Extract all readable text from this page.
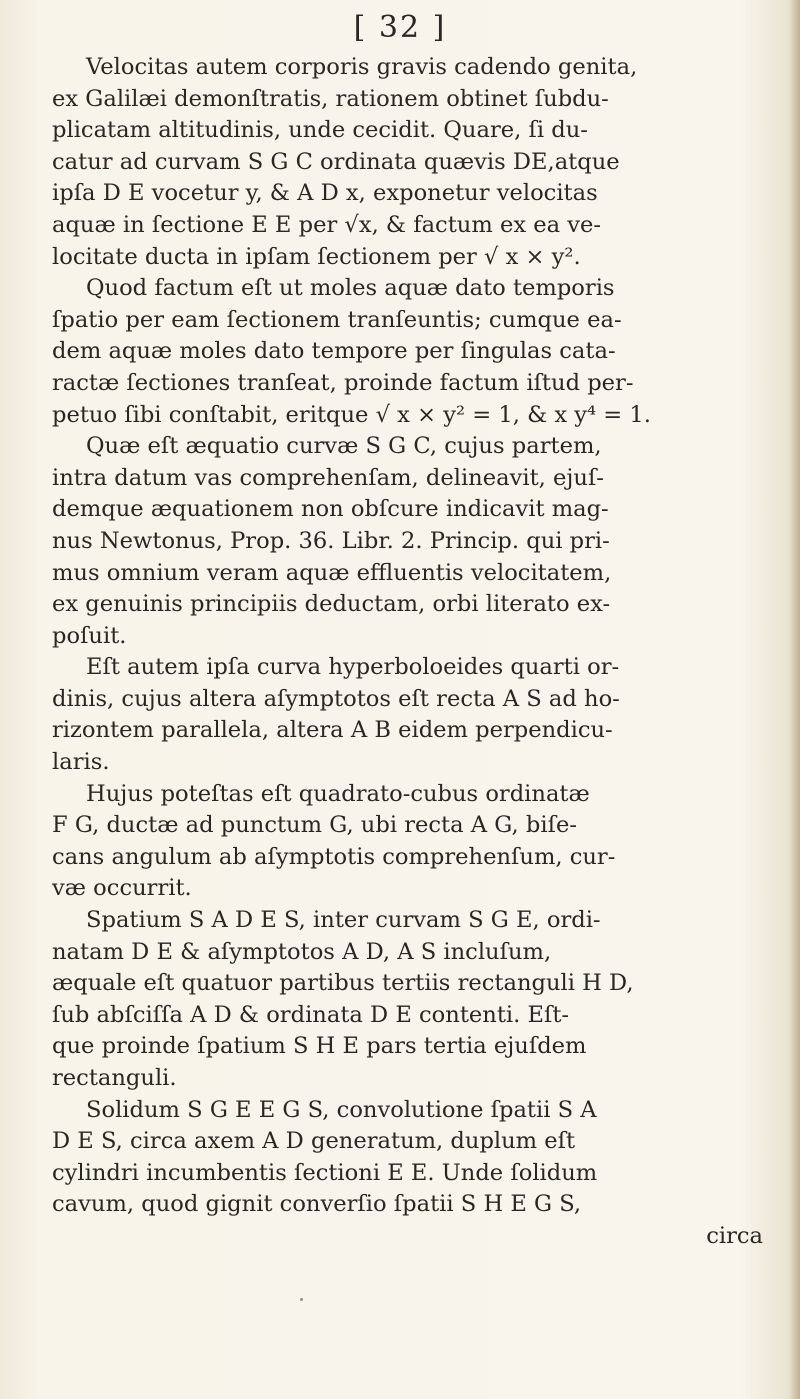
[ 32 ]
Velocitas autem corporis gravis cadendo genita,
ex Galilæi demonſtratis, rationem obtinet ſubdu-
plicatam altitudinis, unde cecidit. Quare, ſi du-
catur ad curvam S G C ordinata quævis DE,atque
ipſa D E vocetur y, & A D x, exponetur velocitas
aquæ in ſectione E E per √x, & factum ex ea ve-
locitate ducta in ipſam ſectionem per √ x × y².
Quod factum eſt ut moles aquæ dato temporis
ſpatio per eam ſectionem tranſeuntis; cumque ea-
dem aquæ moles dato tempore per ſingulas cata-
ractæ ſectiones tranſeat, proinde factum iſtud per-
petuo ſibi conſtabit, eritque √ x × y² = 1, & x y⁴ = 1.
Quæ eſt æquatio curvæ S G C, cujus partem,
intra datum vas comprehenſam, delineavit, ejuſ-
demque æquationem non obſcure indicavit mag-
nus Newtonus, Prop. 36. Libr. 2. Princip. qui pri-
mus omnium veram aquæ effluentis velocitatem,
ex genuinis principiis deductam, orbi literato ex-
poſuit.
Eſt autem ipſa curva hyperboloeides quarti or-
dinis, cujus altera aſymptotos eſt recta A S ad ho-
rizontem parallela, altera A B eidem perpendicu-
laris.
Hujus poteſtas eſt quadrato-cubus ordinatæ
F G, ductæ ad punctum G, ubi recta A G, biſe-
cans angulum ab aſymptotis comprehenſum, cur-
væ occurrit.
Spatium S A D E S, inter curvam S G E, ordi-
natam D E & aſymptotos A D, A S incluſum,
æquale eſt quatuor partibus tertiis rectanguli H D,
ſub abſciſſa A D & ordinata D E contenti. Eſt-
que proinde ſpatium S H E pars tertia ejuſdem
rectanguli.
Solidum S G E E G S, convolutione ſpatii S A
D E S, circa axem A D generatum, duplum eſt
cylindri incumbentis ſectioni E E. Unde ſolidum
cavum, quod gignit converſio ſpatii S H E G S,
circa
